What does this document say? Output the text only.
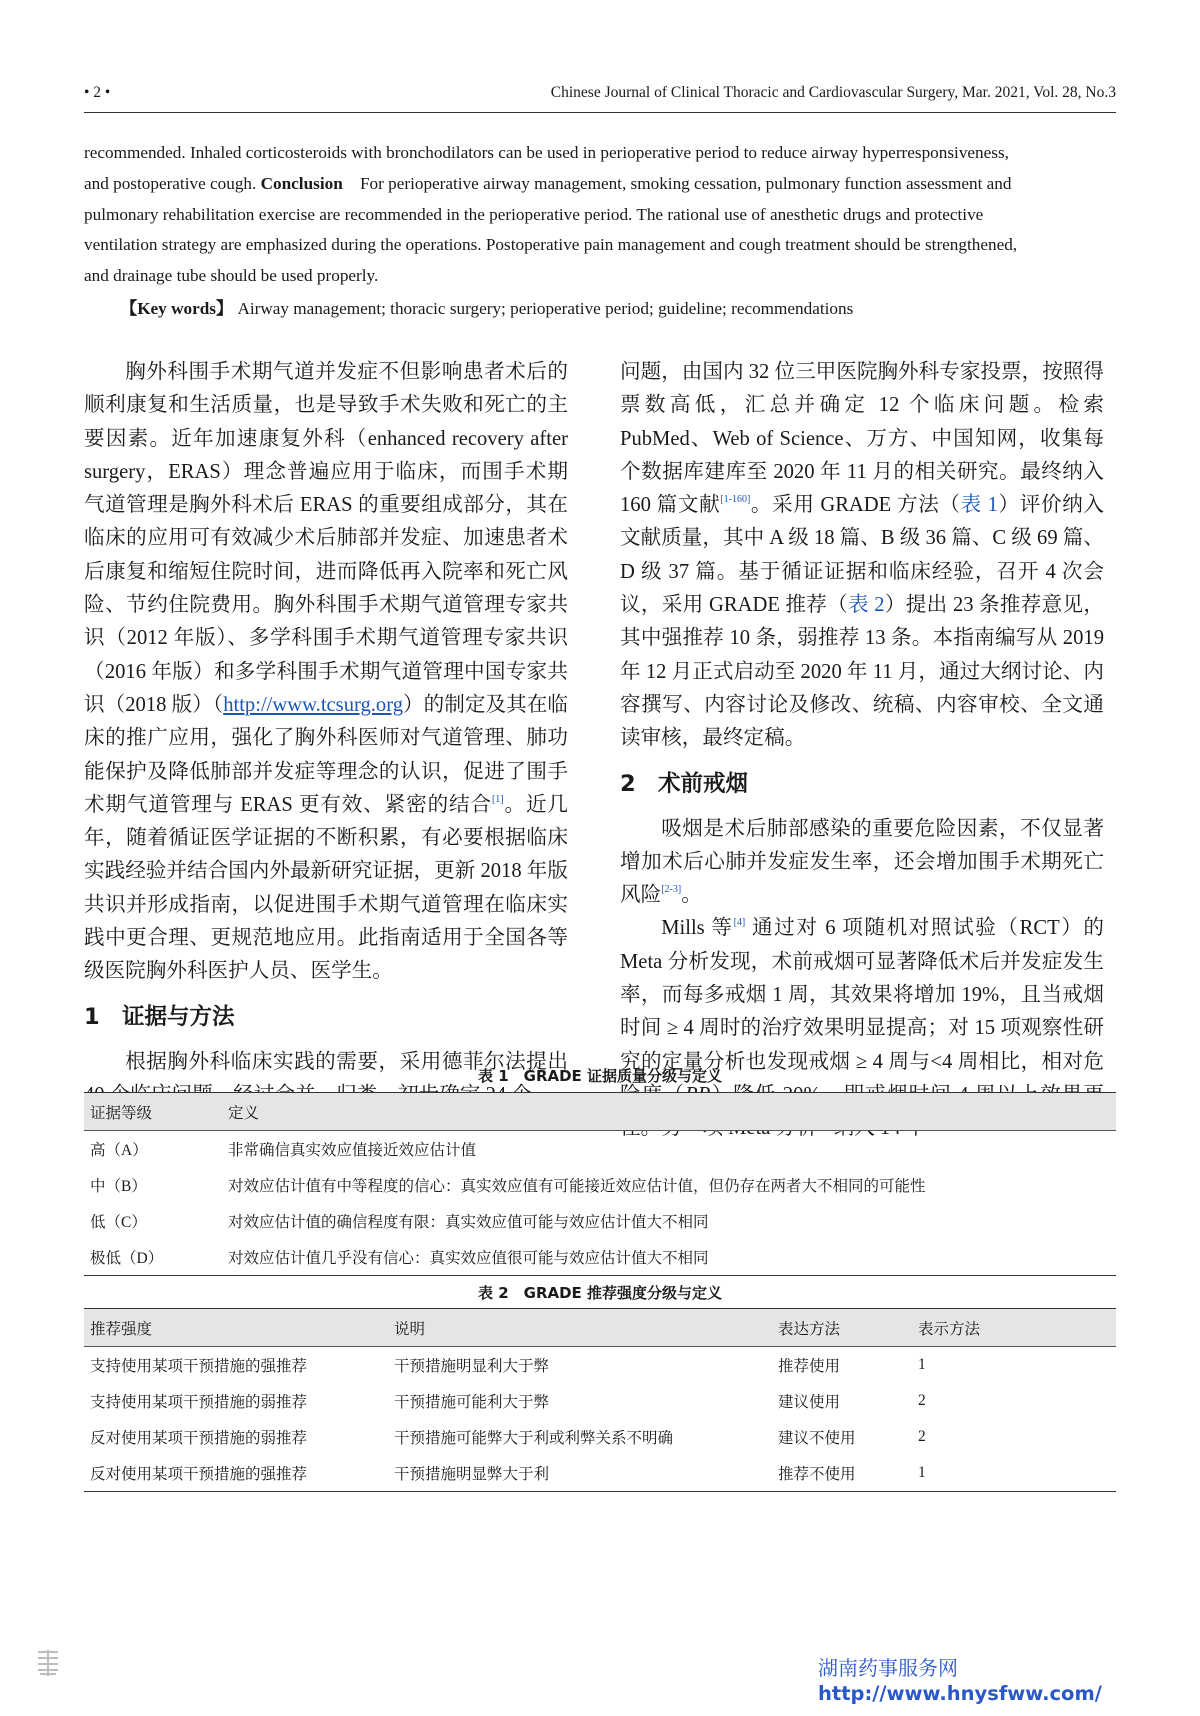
• 2 •	Chinese Journal of Clinical Thoracic and Cardiovascular Surgery, Mar. 2021, Vol. 28, No.3

recommended. Inhaled corticosteroids with bronchodilators can be used in perioperative period to reduce airway hyperresponsiveness, and postoperative cough. Conclusion For perioperative airway management, smoking cessation, pulmonary function assessment and pulmonary rehabilitation exercise are recommended in the perioperative period. The rational use of anesthetic drugs and protective ventilation strategy are emphasized during the operations. Postoperative pain management and cough treatment should be strengthened, and drainage tube should be used properly.

【Key words】 Airway management; thoracic surgery; perioperative period; guideline; recommendations

胸外科围手术期气道并发症不但影响患者术后的顺利康复和生活质量，也是导致手术失败和死亡的主要因素。近年加速康复外科（enhanced recovery after surgery，ERAS）理念普遍应用于临床，而围手术期气道管理是胸外科术后 ERAS 的重要组成部分，其在临床的应用可有效减少术后肺部并发症、加速患者术后康复和缩短住院时间，进而降低再入院率和死亡风险、节约住院费用。胸外科围手术期气道管理专家共识（2012 年版）、多学科围手术期气道管理专家共识（2016 年版）和多学科围手术期气道管理中国专家共识（2018 版）（http://www.tcsurg.org）的制定及其在临床的推广应用，强化了胸外科医师对气道管理、肺功能保护及降低肺部并发症等理念的认识，促进了围手术期气道管理与 ERAS 更有效、紧密的结合[1]。近几年，随着循证医学证据的不断积累，有必要根据临床实践经验并结合国内外最新研究证据，更新 2018 年版共识并形成指南，以促进围手术期气道管理在临床实践中更合理、更规范地应用。此指南适用于全国各等级医院胸外科医护人员、医学生。

1 证据与方法

根据胸外科临床实践的需要，采用德菲尔法提出

问题，由国内 32 位三甲医院胸外科专家投票，按照得票数高低，汇总并确定 12 个临床问题。检索 PubMed、Web of Science、万方、中国知网，收集每个数据库建库至 2020 年 11 月的相关研究。最终纳入 160 篇文献[1-160]。采用 GRADE 方法（表 1）评价纳入文献质量，其中 A 级 18 篇、B 级 36 篇、C 级 69 篇、D 级 37 篇。基于循证证据和临床经验，召开 4 次会议，采用 GRADE 推荐（表 2）提出 23 条推荐意见，其中强推荐 10 条，弱推荐 13 条。本指南编写从 2019 年 12 月正式启动至 2020 年 11 月，通过大纲讨论、内容撰写、内容讨论及修改、统稿、内容审校、全文通读审核，最终定稿。

2 术前戒烟

吸烟是术后肺部感染的重要危险因素，不仅显著增加术后心肺并发症发生率，还会增加围手术期死亡风险[2-3]。

Mills 等[4] 通过对 6 项随机对照试验（RCT）的 Meta 分析发现，术前戒烟可显著降低术后并发症发生率，而每多戒烟 1 周，其效果将增加 19%，且当戒烟时间 ≥ 4 周时的治疗效果明显提高；对 15 项观察性研究的定量分析也发现戒烟 ≥ 4 周与<4 周相比，相对危

表 1　GRADE 证据质量分级与定义
证据等级	定义
高（A）	非常确信真实效应值接近效应估计值
中（B）	对效应估计值有中等程度的信心：真实效应值有可能接近效应估计值，但仍存在两者大不相同的可能性
低（C）	对效应估计值的确信程度有限：真实效应值可能与效应估计值大不相同
极低（D）	对效应估计值几乎没有信心：真实效应值很可能与效应估计值大不相同
表 2　GRADE 推荐强度分级与定义
推荐强度	说明	表达方法	表示方法
支持使用某项干预措施的强推荐	干预措施明显利大于弊	推荐使用	1
支持使用某项干预措施的弱推荐	干预措施可能利大于弊	建议使用	2
反对使用某项干预措施的弱推荐	干预措施可能弊大于利或利弊关系不明确	建议不使用	2
反对使用某项干预措施的强推荐	干预措施明显弊大于利	推荐不使用	1
湖南药事服务网
http://www.hnysfww.com/
